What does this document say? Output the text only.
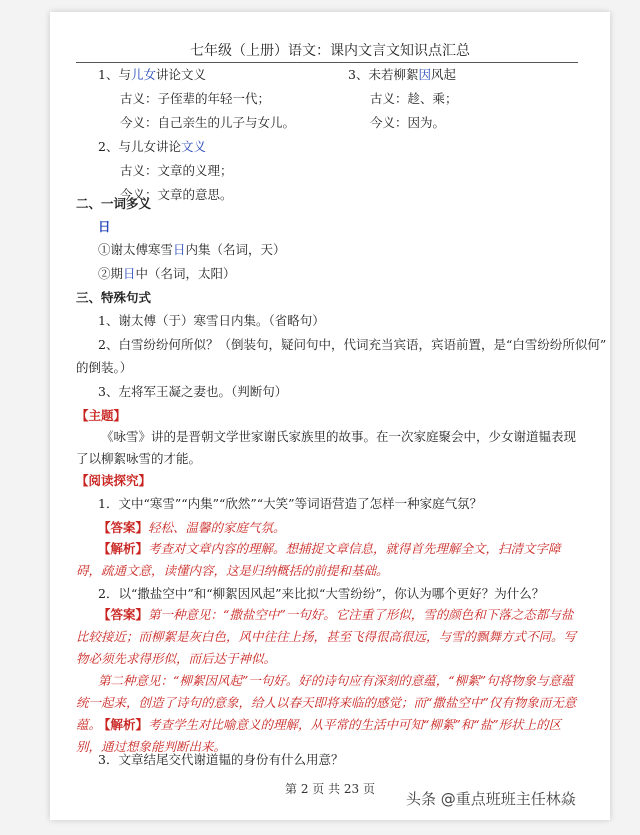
七年级（上册）语文：课内文言文知识点汇总
1、与儿女讲论文义
古义：子侄辈的年轻一代；
今义：自己亲生的儿子与女儿。
2、与儿女讲论文义
古义：文章的义理；
今义：文章的意思。
3、未若柳絮因风起
古义：趁、乘；
今义：因为。
二、一词多义
日
①谢太傅寒雪日内集（名词，天）
②期日中（名词，太阳）
三、特殊句式
1、谢太傅（于）寒雪日内集。（省略句）
2、白雪纷纷何所似？（倒装句，疑问句中，代词充当宾语，宾语前置，是“白雪纷纷所似何”
的倒装。）
3、左将军王凝之妻也。（判断句）
【主题】
《咏雪》讲的是晋朝文学世家谢氏家族里的故事。在一次家庭聚会中，少女谢道韫表现了以柳絮咏雪的才能。
【阅读探究】
1．文中“寒雪”“内集”“欣然”“大笑”等词语营造了怎样一种家庭气氛？
【答案】轻松、温馨的家庭气氛。
【解析】考查对文章内容的理解。想捕捉文章信息，就得首先理解全文，扫清文字障碍，疏通文意，读懂内容，这是归纳概括的前提和基础。
2．以“撒盐空中”和“柳絮因风起”来比拟“大雪纷纷”，你认为哪个更好？为什么？
【答案】第一种意见：“撒盐空中”一句好。它注重了形似，雪的颜色和下落之态都与盐比较接近；而柳絮是灰白色，风中往往上扬，甚至飞得很高很远，与雪的飘舞方式不同。写物必须先求得形似，而后达于神似。
第二种意见：“柳絮因风起”一句好。好的诗句应有深刻的意蕴，“柳絮”句将物象与意蕴统一起来，创造了诗句的意象，给人以春天即将来临的感觉；而“撒盐空中”仅有物象而无意蕴。
【解析】考查学生对比喻意义的理解，从平常的生活中可知“柳絮”和“盐”形状上的区别，通过想象能判断出来。
3．文章结尾交代谢道韫的身份有什么用意？
第 2 页 共 23 页
头条 @重点班班主任林焱
